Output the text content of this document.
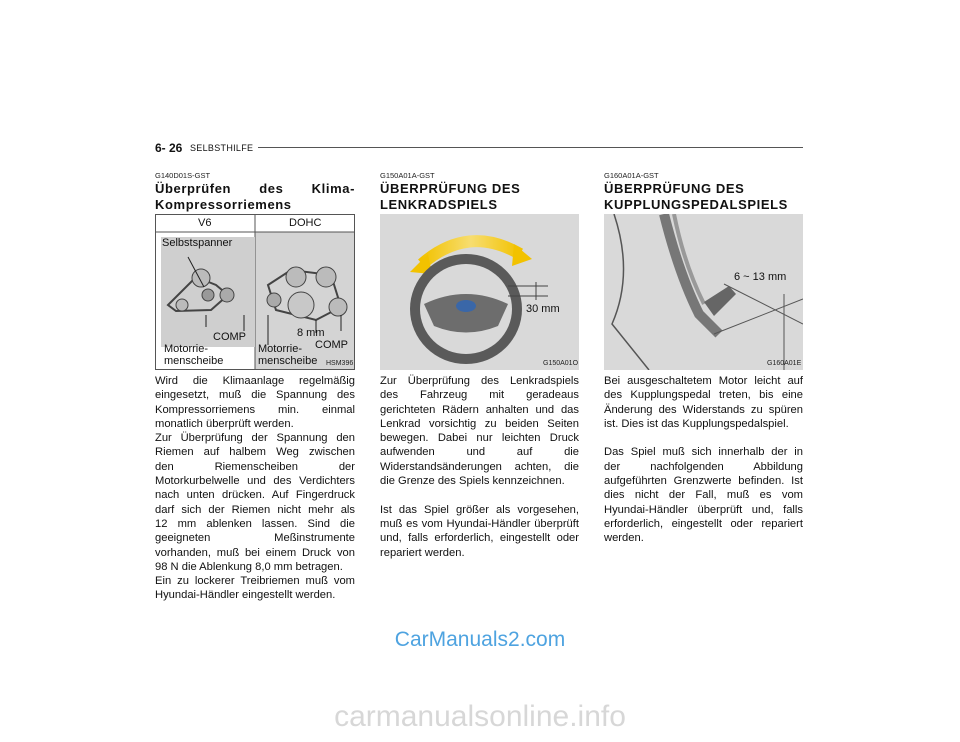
6- 26 SELBSTHILFE
G140D01S-GST
Überprüfen des Klima-
Kompressorriemens
V6	DOHC
Selbstspanner
COMP
Motorrie-
menscheibe
8 mm
COMP
Motorrie-
menscheibe HSM396
Wird die Klimaanlage regelmäßig
eingesetzt, muß die Spannung des
Kompressorriemens min. einmal
monatlich überprüft werden.
Zur Überprüfung der Spannung den
Riemen auf halbem Weg zwischen
den Riemenscheiben der
Motorkurbelwelle und des Verdichters
nach unten drücken. Auf Fingerdruck
darf sich der Riemen nicht mehr als
12 mm ablenken lassen. Sind die
geeigneten Meßinstrumente
vorhanden, muß bei einem Druck von
98 N die Ablenkung 8,0 mm betragen.
Ein zu lockerer Treibriemen muß vom
Hyundai-Händler eingestellt werden.
G150A01A-GST
ÜBERPRÜFUNG DES
LENKRADSPIELS
30 mm
G150A01O
Zur Überprüfung des Lenkradspiels
des Fahrzeug mit geradeaus
gerichteten Rädern anhalten und das
Lenkrad vorsichtig zu beiden Seiten
bewegen. Dabei nur leichten Druck
aufwenden und auf die
Widerstandsänderungen achten, die
die Grenze des Spiels kennzeichnen.

Ist das Spiel größer als vorgesehen,
muß es vom Hyundai-Händler überprüft
und, falls erforderlich, eingestellt oder
repariert werden.
G160A01A-GST
ÜBERPRÜFUNG DES
KUPPLUNGSPEDALSPIELS
6 ~ 13 mm
G160A01E
Bei ausgeschaltetem Motor leicht auf
des Kupplungspedal treten, bis eine
Änderung des Widerstands zu spüren
ist. Dies ist das Kupplungspedalspiel.

Das Spiel muß sich innerhalb der in
der nachfolgenden Abbildung
aufgeführten Grenzwerte befinden. Ist
dies nicht der Fall, muß es vom
Hyundai-Händler überprüft und, falls
erforderlich, eingestellt oder repariert
werden.
CarManuals2.com
carmanualsonline.info
